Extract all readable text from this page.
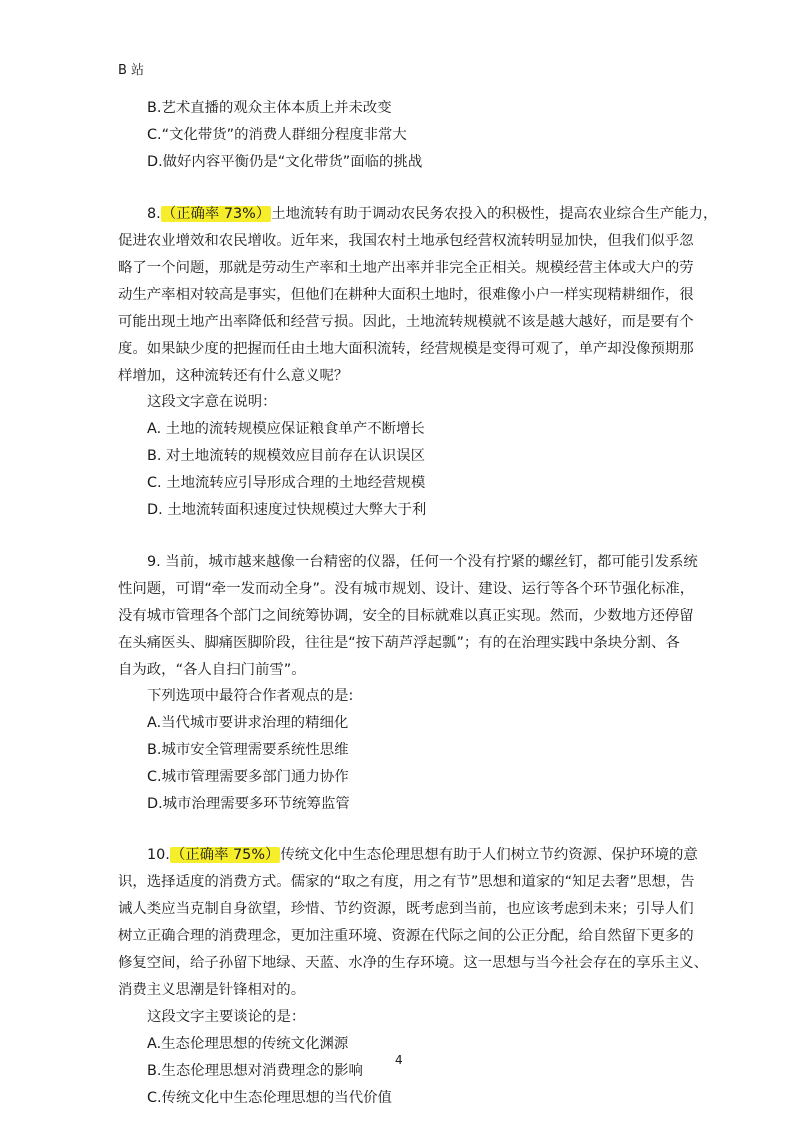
B 站
B.艺术直播的观众主体本质上并未改变
C.“文化带货”的消费人群细分程度非常大
D.做好内容平衡仍是“文化带货”面临的挑战
8.（正确率 73%）土地流转有助于调动农民务农投入的积极性，提高农业综合生产能力，
促进农业增效和农民增收。近年来，我国农村土地承包经营权流转明显加快，但我们似乎忽
略了一个问题，那就是劳动生产率和土地产出率并非完全正相关。规模经营主体或大户的劳
动生产率相对较高是事实，但他们在耕种大面积土地时，很难像小户一样实现精耕细作，很
可能出现土地产出率降低和经营亏损。因此，土地流转规模就不该是越大越好，而是要有个
度。如果缺少度的把握而任由土地大面积流转，经营规模是变得可观了，单产却没像预期那
样增加，这种流转还有什么意义呢？
这段文字意在说明：
A. 土地的流转规模应保证粮食单产不断增长
B. 对土地流转的规模效应目前存在认识误区
C. 土地流转应引导形成合理的土地经营规模
D. 土地流转面积速度过快规模过大弊大于利
9. 当前，城市越来越像一台精密的仪器，任何一个没有拧紧的螺丝钉，都可能引发系统
性问题，可谓“牵一发而动全身”。没有城市规划、设计、建设、运行等各个环节强化标准，
没有城市管理各个部门之间统筹协调，安全的目标就难以真正实现。然而，少数地方还停留
在头痛医头、脚痛医脚阶段，往往是“按下葫芦浮起瓢”；有的在治理实践中条块分割、各
自为政，“各人自扫门前雪”。
下列选项中最符合作者观点的是:
A.当代城市要讲求治理的精细化
B.城市安全管理需要系统性思维
C.城市管理需要多部门通力协作
D.城市治理需要多环节统筹监管
10.（正确率 75%）传统文化中生态伦理思想有助于人们树立节约资源、保护环境的意
识，选择适度的消费方式。儒家的“取之有度，用之有节”思想和道家的“知足去奢”思想，告
诫人类应当克制自身欲望，珍惜、节约资源，既考虑到当前，也应该考虑到未来；引导人们
树立正确合理的消费理念，更加注重环境、资源在代际之间的公正分配，给自然留下更多的
修复空间，给子孙留下地绿、天蓝、水净的生存环境。这一思想与当今社会存在的享乐主义、
消费主义思潮是针锋相对的。
这段文字主要谈论的是：
A.生态伦理思想的传统文化渊源
B.生态伦理思想对消费理念的影响
C.传统文化中生态伦理思想的当代价值
4
